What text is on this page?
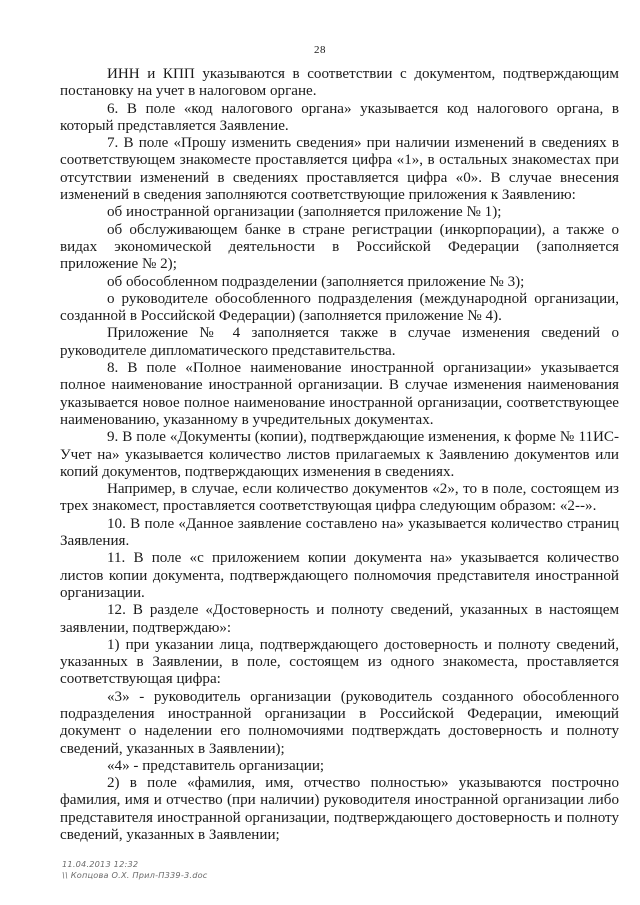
28

ИНН и КПП указываются в соответствии с документом, подтверждающим постановку на учет в налоговом органе.

6. В поле «код налогового органа» указывается код налогового органа, в который представляется Заявление.

7. В поле «Прошу изменить сведения» при наличии изменений в сведениях в соответствующем знакоместе проставляется цифра «1», в остальных знакоместах при отсутствии изменений в сведениях проставляется цифра «0». В случае внесения изменений в сведения заполняются соответствующие приложения к Заявлению:

об иностранной организации (заполняется приложение № 1);

об обслуживающем банке в стране регистрации (инкорпорации), а также о видах экономической деятельности в Российской Федерации (заполняется приложение № 2);

об обособленном подразделении (заполняется приложение № 3);

о руководителе обособленного подразделения (международной организации, созданной в Российской Федерации) (заполняется приложение № 4).

Приложение № 4 заполняется также в случае изменения сведений о руководителе дипломатического представительства.

8. В поле «Полное наименование иностранной организации» указывается полное наименование иностранной организации. В случае изменения наименования указывается новое полное наименование иностранной организации, соответствующее наименованию, указанному в учредительных документах.

9. В поле «Документы (копии), подтверждающие изменения, к форме № 11ИС-Учет на» указывается количество листов прилагаемых к Заявлению документов или копий документов, подтверждающих изменения в сведениях.

Например, в случае, если количество документов «2», то в поле, состоящем из трех знакомест, проставляется соответствующая цифра следующим образом: «2--».

10. В поле «Данное заявление составлено на» указывается количество страниц Заявления.

11. В поле «с приложением копии документа на» указывается количество листов копии документа, подтверждающего полномочия представителя иностранной организации.

12. В разделе «Достоверность и полноту сведений, указанных в настоящем заявлении, подтверждаю»:

1) при указании лица, подтверждающего достоверность и полноту сведений, указанных в Заявлении, в поле, состоящем из одного знакоместа, проставляется соответствующая цифра:

«3» - руководитель организации (руководитель созданного обособленного подразделения иностранной организации в Российской Федерации, имеющий документ о наделении его полномочиями подтверждать достоверность и полноту сведений, указанных в Заявлении);

«4» - представитель организации;

2) в поле «фамилия, имя, отчество полностью» указываются построчно фамилия, имя и отчество (при наличии) руководителя иностранной организации либо представителя иностранной организации, подтверждающего достоверность и полноту сведений, указанных в Заявлении;

11.04.2013 12:32
\\ Копцова О.Х. Прил-П339-3.doc
